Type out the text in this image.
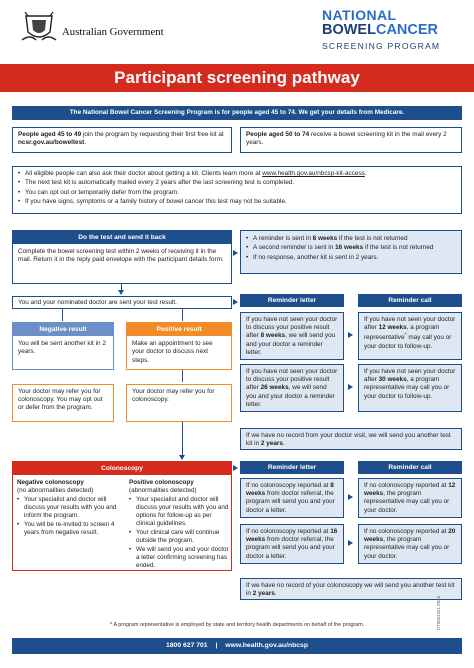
Australian Government
NATIONAL
BOWELCANCER
SCREENING PROGRAM
Participant screening pathway
The National Bowel Cancer Screening Program is for people aged 45 to 74. We get your details from Medicare.
People aged 45 to 49 join the program by requesting their first free kit at ncsr.gov.au/boweltest.
People aged 50 to 74 receive a bowel screening kit in the mail every 2 years.
• All eligible people can also ask their doctor about getting a kit. Clients learn more at www.health.gov.au/nbcsp-kit-access.
• The next test kit is automatically mailed every 2 years after the last screening test is completed.
• You can opt out or temporarily defer from the program.
• If you have signs, symptoms or a family history of bowel cancer this test may not be suitable.
Do the test and send it back
Complete the bowel screening test within 2 weeks of receiving it in the mail. Return it in the reply paid envelope with the participant details form.
• A reminder is sent in 8 weeks if the test is not returned
• A second reminder is sent in 16 weeks if the test is not returned
• If no response, another kit is sent in 2 years.
You and your nominated doctor are sent your test result.
Negative result
You will be sent another kit in 2 years.
Positive result
Make an appointment to see your doctor to discuss next steps.
Your doctor may refer you for colonoscopy. You may opt out or defer from the program.
Your doctor may refer you for colonoscopy.
Reminder letter	Reminder call
If you have not seen your doctor to discuss your positive result after 8 weeks, we will send you and your doctor a reminder letter.
If you have not seen your doctor after 12 weeks, a program representative^ may call you or your doctor to follow-up.
If you have not seen your doctor to discuss your positive result after 26 weeks, we will send you and your doctor a reminder letter.
If you have not seen your doctor after 30 weeks, a program representative may call you or your doctor to follow-up.
If we have no record from your doctor visit, we will send you another test kit in 2 years.
Colonoscopy
Negative colonoscopy
(no abnormalities detected)
• Your specialist and doctor will discuss your results with you and inform the program.
• You will be re-invited to screen 4 years from negative result.
Positive colonoscopy
(abnormalities detected)
• Your specialist and doctor will discuss your results with you and options for follow-up as per clinical guidelines.
• Your clinical care will continue outside the program.
• We will send you and your doctor a letter confirming screening has ended.
Reminder letter	Reminder call
If no colonoscopy reported at 8 weeks from doctor referral, the program will send you and your doctor a letter.
If no colonoscopy reported at 12 weeks, the program representative may call you or your doctor.
If no colonoscopy reported at 16 weeks from doctor referral, the program will send you and your doctor a letter.
If no colonoscopy reported at 20 weeks, the program representative may call you or your doctor.
If we have no record of your colonoscopy we will send you another test kit in 2 years.
^ A program representative is employed by state and territory health departments on behalf of the program.
1800 627 701 | www.health.gov.au/nbcsp
DT0004261 0825
